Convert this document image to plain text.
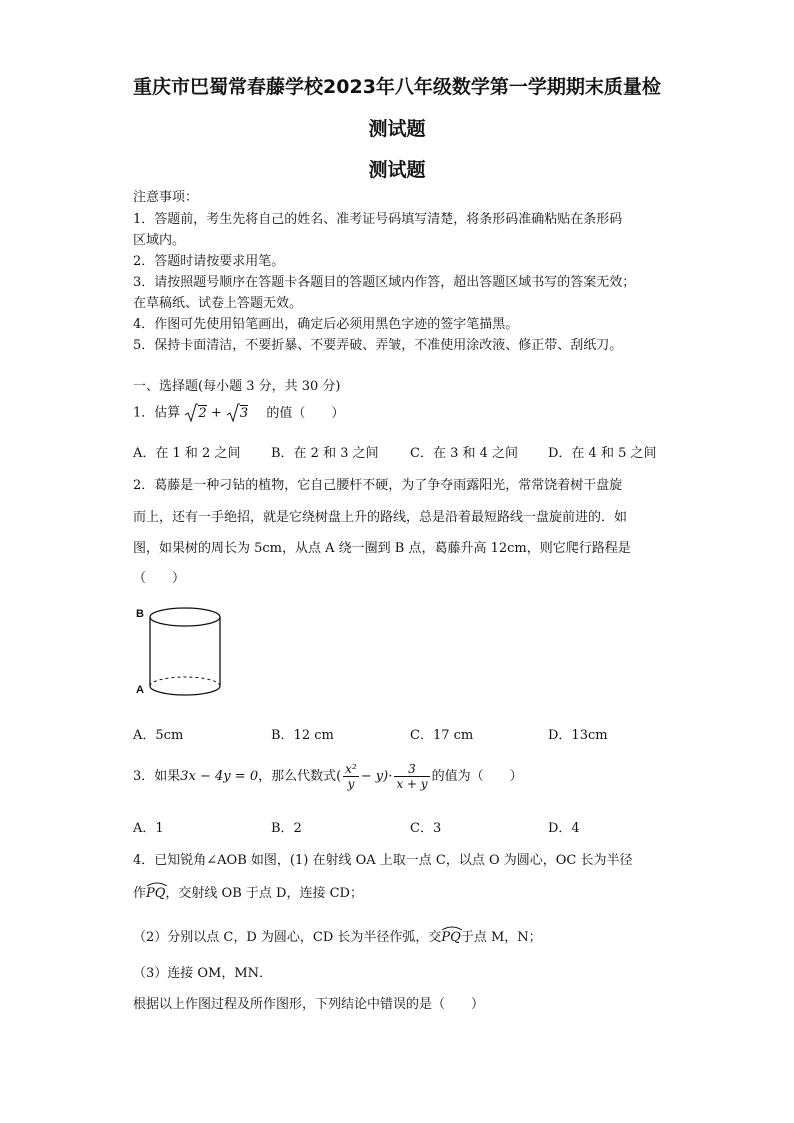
重庆市巴蜀常春藤学校2023年八年级数学第一学期期末质量检
测试题
测试题
注意事项：
1．答题前，考生先将自己的姓名、准考证号码填写清楚，将条形码准确粘贴在条形码
区域内。
2．答题时请按要求用笔。
3．请按照题号顺序在答题卡各题目的答题区域内作答，超出答题区域书写的答案无效；
在草稿纸、试卷上答题无效。
4．作图可先使用铅笔画出，确定后必须用黑色字迹的签字笔描黑。
5．保持卡面清洁，不要折暴、不要弄破、弄皱，不准使用涂改液、修正带、刮纸刀。
一、选择题(每小题 3 分，共 30 分)
1．估算 2 + 3 的值（　　）
A．在 1 和 2 之间 B．在 2 和 3 之间 C．在 3 和 4 之间 D．在 4 和 5 之间
2．葛藤是一种刁钻的植物，它自己腰杆不硬，为了争夺雨露阳光，常常饶着树干盘旋
而上，还有一手绝招，就是它绕树盘上升的路线，总是沿着最短路线一盘旋前进的．如
图，如果树的周长为 5cm，从点 A 绕一圈到 B 点，葛藤升高 12cm，则它爬行路程是
（　　）
B
A
A．5cm	B．12 cm	C．17 cm	D．13cm
3．如果3x − 4y = 0，那么代数式( $\frac{\text{x²}}{y} - y)\cdot \frac{3}{x + y}$ 的值为（　　）
A．1	B．2	C．3	D．4
4．已知锐角∠AOB 如图，(1) 在射线 OA 上取一点 C，以点 O 为圆心，OC 长为半径
作
PQ，交射线 OB 于点 D，连接 CD；
（2）分别以点 C，D 为圆心，CD 长为半径作弧，交
PQ于点 M，N；
（3）连接 OM，MN．
根据以上作图过程及所作图形，下列结论中错误的是（　　）
